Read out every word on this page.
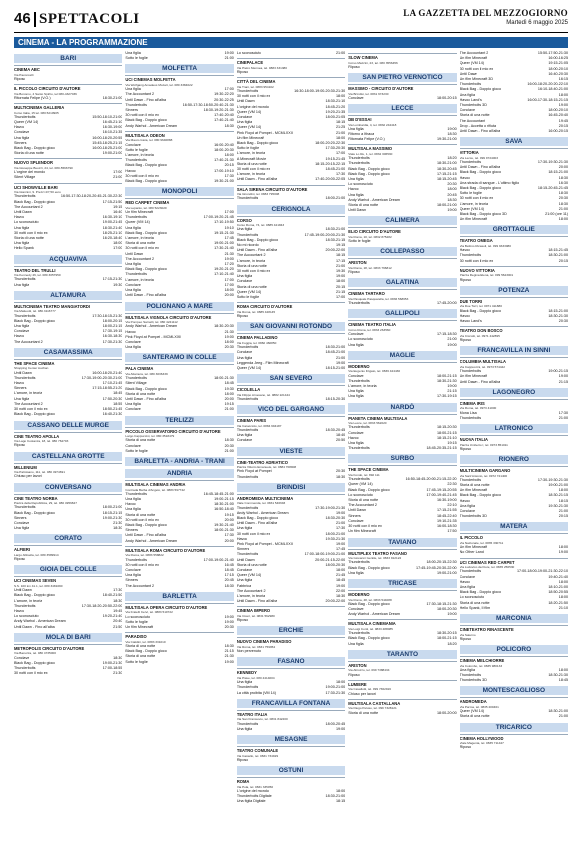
46 SPETTACOLI	LA GAZZETTA DEL MEZZOGIORNO
Martedì 6 maggio 2025
CINEMA - LA PROGRAMMAZIONE
BARI
CINEMA ABC
Via Pavoncelli
Riposo
IL PICCOLO CIRCUITO D'AUTORE
Via Bonomo, 4 Santo Spirito, tel 080-4327036
Ritornata Felipe (V.O.)	18:30-21:00
MULTICINEMA GALLERIA
Corso Italia, 15 tel. 080.5210905
Thunderbolts	15:50-18:10-21:00
Queer (VM 14)	16:45-21:10
Havoc	16:30-19:00
Conclave	16:10-21:35
Una figlia	16:00-18:20-20:55
Sinners	15:45-18:25-21:15
Black Bag - Doppio gioco	16:00-18:25-21:00
Storia di una notte	19:00-21:00
NUOVO SPLENDOR
Via Giuseppe Buozzi, 24, tel. 080-5566790
L'orgine del mondo	17:00
Silent Village	21:00
UCI SHOWVILLE BARI
Via Giannini, 9. Prezzi 4/7,50 euro
Thunderbolts	16:50-17:30-18:20-20:45-21:30-22:30
Black Bag - Doppio gioco	17:15-21:50
The Accountant 2	19:15
Until Dawn	16:40
Havoc	16:30-19:10
Lo sconosciuto	19:00-21:45
Una figlia	18:30-21:40
30 notti con il mio ex	18:25-21:10
Storia di una notte	16:20-18:40
Una figlia	18:00
Hello Spank	17:00
ACQUAVIVA
TEATRO DEL TRULLI
Via Kennedy 46, tel. 080 3057950
Thunderbolts	17:15-21:30
Una figlia	19:30
ALTAMURA
MULTICINEMA TEATRO MANGIATORDI
Via Matteotti, tel. 080.3116777
Thunderbolts	17:30-18:15-21:30
Black Bag - Doppio gioco	18:00-20:15
Una figlia	18:00-21:15
Conclave	17:30-19:15
Havoc	16:30-18:30
The Accountant 2	17:30-21:30
CASAMASSIMA
THE SPACE CINEMA
Shopping Center Auchan
Until Dawn	16:00-18:20-21:40
Thunderbolts	17:30-19:00-20:30-21:00
Havoc	17:10-21:45
Sinners	17:15-18:55-21:20
L'amore, in teoria	18:45
Una figlia	17:50-20:30
The Accountant 2	18:55
30 notti con il mio ex	18:50-21:45
Black Bag - Doppio gioco	16:40-21:30
CASSANO DELLE MURGE
CINE TEATRO APOLLA
Via Lago Costanza, 18, tel. 080 764703
Riposo
CASTELLANA GROTTE
MILLENIUM
Via Palmisano, 111, tel. 080 4974691
Chiuso per lavori
CONVERSANO
CINE TEATRO NORBA
Piazza della Repubblica, 29, tel. 080 4956847
Thunderbolts	18:00-21:00
Black Bag - Doppio gioco	18:15-21:15
Sinners	19:00-21:30
Conclave	21:30
Una figlia	18:30
CORATO
ALFIERI
Largo Abbazia, tel. 080 3589914
Riposo
GIOIA DEL COLLE
UCI CINEMAS SEVEN
S.S. 100 km 41.1, tel. 080 3481090
Until Dawn	17:30
Black Bag - Doppio gioco	18:40-21:50
L'amore, in teoria	18:30
Thunderbolts	17:30-18:20-20:50-22:00
Havoc	19:45
Lo sconosciuto	19:20-21:40
Andy Warhol - American Dream	20:40
Until Dawn - Fino all'alba	21:50
MOLA DI BARI
METROPOLIS CIRCUITO D'AUTORE
Via Bacuzza, tel. 080 4735000
Conclave	18:30
Black Bag - Doppio gioco	19:00-21:30
Thunderbolts	17:00-18:55
30 notti con il mio ex	21:30
Una figlia	19:00
Sotto le foglie	21:00
MOLFETTA
UCI CINEMAS MOLFETTA
Via Wolfgang Amadeus Mozart, tel. 080 3384022
Una figlia	17:00
The Accountant 2	19:30-22:20
Until Dawn - Fino all'alba	20:30-22:25
Thunderbolts	16:50-17:30-18:50-20:40-21:30
Sinners	18:30-19:20-21:30
30 notti con il mio ex	17:40-20:40
Black Bag - Doppio gioco	17:40-21:40
Andy Warhol - American Dream	18:30
MULTISALA ODEON
Via Mauro Gioia, tel. 080 9646888
Conclave	16:00-20:40
Sotto le foglie	18:00-20:30
L'amore, in teoria	18:00
Thunderbolts	17:40-21:30
Black Bag - Doppio gioco	20:15
Havoc	17:00-19:10
30 notti con il mio ex	17:30
Black Bag - Doppio gioco	19:30-21:00
MONOPOLI
RED CARPET CINEMA
Via Lepanto, tel. 080 5223020
Un film Minecraft	17:00
Thunderbolts	17:00-19:20-21:45
Queer (VM 14)	17:10-19:50
Una figlia	19:10
Black Bag - Doppio gioco	19:15-21:30
L'amore, in teoria	17:45
Storia di una notte	19:00-21:00
30 notti con il mio ex	17:30-21:40
Until Dawn	21:30
The Accountant 2	19:00
Una figlia	17:20
Black Bag - Doppio gioco	19:20-21:20
Thunderbolts	17:10-21:40
L'amore, in teoria	17:00
Conclave	17:00
Una figlia	18:00
Until Dawn - Fino all'alba	20:00
POLIGNANO A MARE
MULTISALA VIGNOLA CIRCUITO D'AUTORE
Via Pompeo Sarnelli, tel. 080 4241112
Andy Warhol - American Dream	18:30-20:30
Havoc	21:30
Pink Floyd at Pompei - MCMLXXII	19:00
Conclave	18:00
Una figlia	20:30
SANTERAMO IN COLLE
PALA CINEMA
Via Altamura, tel. 080 3036339
Thunderbolts	18:00-21:30
Silent Village	18:45
Black Bag - Doppio gioco	19:30
Storia di una notte	18:00
Until Dawn - Fino all'alba	20:00
Una figlia	19:15
Conclave	21:00
TERLIZZI
PICCOLO OSSERVATORIO CIRCUITO D'AUTORE
Largo Cappuccini, tel. 080 3518479
Storia di una notte	18:30
Conclave	20:30
Sotto le foglie	21:00
BARLETTA - ANDRIA - TRANI
ANDRIA
MULTISALA CINEMAS ANDRIA
Contrada Barba d'Angelo, tel. 0883 597742
Thunderbolts	16:45-18:45-21:00
Una figlia	19:00-21:15
Havoc	18:30-21:00
Una figlia	16:50-18:40
Storia di una notte	19:15
30 notti con il mio ex	20:00
Black Bag - Doppio gioco	19:30-21:40
Sinners	18:00-21:30
Until Dawn - Fino all'alba	17:30
Andy Warhol - American Dream	20:00
MULTISALA ROMA CIRCUITO D'AUTORE
Via Roma, tel. 0883 558822
Thunderbolts	17:00-19:00-21:40
30 notti con il mio ex	16:45
Conclave	18:45
Una figlia	17:15
Sinners	20:45
The Accountant 2	18:30
BARLETTA
MULTISALA OPERA CIRCUITO D'AUTORE
Via Fratelli Cervi, tel. 0883 510722
Lo sconosciuto	19:00
Sotto le foglie	19:00
Un film Minecraft	20:30
PARADISO
Via Cialdini, tel. 0883 331010
Storia di una notte	18:30
Black Bag - Doppio gioco	21:15
Storia di una notte	21:30
Sotto le foglie	19:00
Lo sconosciuto	21:00
CINEPALACE
Via Pietro Mennea, tel. 0883 331380
Riposo
CITTÀ DEL CINEMA
Via Trani, tel. 0883 954102
Thunderbolts	16:30-18:00-19:00-20:30-21:30
30 notti con il mio ex	18:00
Until Dawn	18:30-21:10
L'origine del mondo	18:45-21:20
Queer (VM 14)	19:20-21:35
Conclave	18:00-21:05
Una figlia	18:15
Queer (VM 14)	21:25
Pink Floyd at Pompei - MCMLXXII	21:00
Un film Minecraft	18:00
Black Bag - Doppio gioco	18:00-20:20-22:30
Sotto le foglie	17:30-20:30
L'amore, in teoria	17:00
A Minecraft Movie	19:15-21:45
Storia di una notte	18:15-20:15-22:15
30 notti con il mio ex	18:45-21:00
L'amore, in teoria	17:30
Until Dawn - Fino all'alba	17:40-20:00-22:05
SALA SIRENA CIRCUITO D'AUTORE
Via Girondini, tel. 0883 795008
Thunderbolts	18:00-21:00
CERIGNOLA
CORSO
Corso Roma, 74, tel. 0885 421843
Una figlia	18:30-21:00
Thunderbolts	17:45-19:00-20:00-21:30
Black Bag - Doppio gioco	18:30-21:15
No mi ricordo	19:15
Until Dawn - Fino all'alba	20:00-22:00
The Accountant 2	18:15
L'amore, in teoria	17:15
Storia di una notte	21:00
30 notti con il mio ex	19:30
Una figlia	19:00
Conclave	18:00
Storia di una notte	20:15
Queer (VM 14)	21:15
Sotto le foglie	17:00
ROMA CIRCUITO D'AUTORE
Via Roma, tel. 0885 428145
Riposo
SAN GIOVANNI ROTONDO
CINEMA PALLADINO
Via Foggia, tel. 0882 460850
Thunderbolts	18:30-21:00
Conclave	18:45-21:00
Una figlia	21:00
Leggenda Jeeg - Film Minecraft	19:00
Queer (VM 14)	18:15-21:00
SAN SEVERO
CICOLELLA
Via Filippo Arnesano, tel. 0882 221444
Thunderbolts	18:15-20:30
VICO DEL GARGANO
CINEMA PARIS
Via Caracciolo, tel. 0884 994187
Thunderbolts	18:30-20:45
Una figlia	18:40
Conclave	20:50
VIESTE
CINE-TEATRO ADRIATICO
Piazza Vittorio Emanuele, tel. 0884 708908
Pink Floyd at Pompei	20:30
Thunderbolts	18:30
BRINDISI
ANDROMEDA MULTICINEMA
Viale Commenda, tel. 0831 546693
Thunderbolts	17:30-19:00-21:30
Andy Warhol - American Dream	19:00
Black Bag - Doppio gioco	18:30-20:30
Until Dawn - Fino all'alba	21:00
Una figlia	17:30
30 notti con il mio ex	18:00-21:00
Havoc	19:30-21:30
Pink Floyd at Pompei - MCMLXXII	19:00
Sinners	17:45
Thunderbolts	17:00-18:00-19:00-21:00
Until Dawn	20:00-21:15-22:00
Storia di una notte	18:00-20:30
Conclave	18:00
Queer (VM 14)	21:45
Una figlia	18:45
Fabbrica	19:00
The Accountant 2	22:00
L'amore, in teoria	18:30
Until Dawn - Fino all'alba	20:00-22:00
CINEMA IMPERO
Via Ciceri, tel. 0831 562980
Riposo
ERCHIE
NUOVO CINEMA PARADISO
Via Roma, tel. 0831 759954
Non pervenuto
FASANO
KENNEDY
Via Piave, tel. 080 4414004
Una figlia	18:00
Thunderbolts	19:00-21:00
La città proibita (VM 14)	17:30-21:30
FRANCAVILLA FONTANA
TEATRO ITALIA
Via San Francesco, tel. 0831 842200
Thunderbolts	18:00-20:45
Una figlia	19:00
MESAGNE
TEATRO COMUNALE
Via Castello, tel. 0831 734929
Riposo
OSTUNI
ROMA
Via Pola, tel. 0831 335050
L'origine del mondo	18:00
Thunderbolts Digitale	18:30-21:00
Una figlia Digitale	18:15
SLOW CINEMA
Corso Mazzini, 23, tel. 080 3556456
Riposo
SAN PIETRO VERNOTICO
MASSIMO - CIRCUITO D'AUTORE
Via Brindisi, tel. 0831 673230
Conclave	18:00-20:15
LECCE
DB D'ESSAI
Via Lombardia, 4, tel. 0832 242418
Una figlia	19:00
Ritorno a Ithaca	18:30
Ritornata Felipe (V.O.)	19:30-21:00
MULTISALA MASSIMO
Viale Lo Re, 1, tel. 0832 306530
Thunderbolts	18:20
Thunderbolts	18:30-21:00
Black Bag - Doppio gioco	18:30-20:45
Black Bag - Doppio gioco	17:15-21:15
Una figlia	18:15-20:45
Lo sconosciuto	20:30
Havoc	18:00
Una figlia	20:45
Andy Warhol - American Dream	18:30
Storia di una notte	18:00-21:00
Until Dawn	19:00
CALIMERA
ELIO CIRCUITO D'AUTORE
Via Roma, 10, tel. 0832 875282
Sotto le foglie
COLLEPASSO
ARISTON
Via Roma, 18, tel. 0833 766812
Riposo
GALATINA
CINEMA TARTARO
Via Pasquale Pasquarella, tel. 0836 568653
Thunderbolts	17:45-20:00
GALLIPOLI
CINEMA TEATRO ITALIA
Corso Roma, tel. 0833 263560
Conclave	17:15-18:30
Lo sconosciuto	21:00
Una figlia	19:00
MAGLIE
MODERNO
Via Eugenio Frigato, tel. 0836 424430
Conclave	18:00-21:15
Thunderbolts	18:30-21:30
L'amore, in teoria	19:00
Una figlia	21:15
Una figlia	17:30-19:15
NARDÒ
PIANETA CINEMA MULTISALA
Via Lecce, tel. 0833 562020
Thunderbolts	18:15-20:30
Conclave	18:00-21:15
Havoc	18:15-21:10
Una figlia	19:15
Thunderbolts	18:45-20:35-21:15
SURBO
THE SPACE CINEMA
Via Fondo, tel. 892 111
Thunderbolts	16:50-18:45-20:00-21:15-22:20
Queer (VM 14)	22:30
Black Bag - Doppio gioco	17:45-19:15-20:55
Lo sconosciuto	17:00-19:40-21:45
Storia di una notte	16:30-19:00
The Accountant 2	22:10
Until Dawn	17:15-21:55
Sinners	18:45-22:40
Conclave	19:10-21:35
30 notti con il mio ex	16:00-18:30
Un film Minecraft	17:50
TAVIANO
MULTIPLEX TEATRO FASANO
Via Giovanni Gentile, tel. 0833 912124
Thunderbolts	18:00-20:15-22:30
Black Bag - Doppio gioco	17:45-19:45-20:30-22:00
Una figlia	19:00-21:00
TRICASE
MODERNO
Via Roma, 48, tel. 0833 544088
Black Bag - Doppio gioco	17:30-18:15-21:30
Conclave	18:00-20:30
Andy Warhol - American Dream	19:00
MULTISALA CINEMANIA
Via Luigi Conti, tel. 0833 488085
Thunderbolts	18:30-20:15
Black Bag - Doppio gioco	18:00-21:15
Una figlia	18:20
TARANTO
ARISTON
Via Abruzzo, tel. 099 7388434
Riposo
LUMIERE
Via Cavallotti, tel. 099 7362916
Chiuso per lavori
MULTISALA CASTALLANA
Via Diego Peluso, tel. 099 7328121
Storia di una notte	18:00-20:00
The Accountant 2	15:50-17:50-21:30
Un film Minecraft	16:00-16:25
Queer (VM 14)	19:15-21:05
30 notti con il mio ex	18:00-20:10
Until Dawn	16:40-20:30
Un film Minecraft 3D	16:15
Thunderbolts	16:00-18:20-20:20-22:10
Black Bag - Doppio gioco	16:10-18:40-21:00
Una figlia	18:00
Havoc Land's	16:00-17:30-18:15-21:15
Thunderbolts 3D	19:00
Conclave	18:00-20:10
Storia di una notte	16:45-20:40
The Accountant	19:45
Drop - Accetta o rifiuta	20:15
Until Dawn - Fino all'alba	16:00-20:15
SAVA
VITTORIA
Via Lecce, tel. 099 9724003
Thunderbolts	17:30-19:30-21:30
Until Dawn - Fino all'alba	20:00
Black Bag - Doppio gioco	18:15-21:00
Havoc	18:30
Una strada di sangue - L'ultimo figlio	16:30
Black Bag - Doppio gioco	18:15-20:45-21:45
Sotto le foglie	18:30
30 notti con il mio ex	20:30
L'amore, in teoria	18:30
Queer (VM 14)	21:00
Black Bag - Doppio gioco 3D	21:00 (ore 11)
Un film Minecraft	18:00
GROTTAGLIE
TEATRO OMEGA
Via Bettino Ricasoli, tel. 099 9333080
Havoc	18:15-21:45
Thunderbolts	18:30-21:00
30 notti con il mio ex	20:15
NUOVO VITTORIA
Piazza Regina Elena, tel. 099 5623001
Riposo
POTENZA
DUE TORRI
Via Due Torri, tel. 0971 411880
Black Bag - Doppio gioco	18:15-21:00
Havoc	18:30-21:30
Havoc Land's	20:30
TEATRO DON BOSCO
Via Ciccotti, tel. 0971 442895
Riposo
FRANCAVILLA IN SINNI
COLUMBIA MULTISALA
Via Cappuccini, tel. 0973 574442
Thunderbolts	19:00-21:15
Un film Minecraft	19:00
Until Dawn - Fino all'alba	21:15
LAGONEGRO
CINEMA IRIS
Via Roma, tel. 0973 41000
Mona Lisa	17:30
Thunderbolts	21:00
LATRONICO
NUOVA ITALIA
Piazza Umberto I, tel. 0973 851011
Riposo
RIONERO
MULTICINEMA GARGANO
Via Sant'Antonio, tel. 0972 721400
Thunderbolts	17:30-19:30-21:30
Storia di una notte	19:00-21:00
Un film Minecraft	18:00
Black Bag - Doppio gioco	18:30-21:15
Havoc	18:15
Una figlia	19:30-21:30
Conclave	21:00
Thunderbolts 3D	20:15
MATERA
IL PICCOLO
Via Nazionale, tel. 0835 330711
Un film Minecraft	18:00
No Other Land	19:00
UCI CINEMAS RED CARPET
Via Ludovico da Fiore, tel. 0835 256530
Thunderbolts	17:00-18:00-19:00-21:30-22:10
Conclave	19:40-21:40
Havoc	18:00
Una figlia	18:10-21:00
Black Bag - Doppio gioco	18:50-20:55
Lo sconosciuto	18:00
Storia di una notte	18:20-21:50
Hello Spank, Il film	21:10
MARCONIA
CINETEATRO RINASCENTE
Via Salerno
Riposo
POLICORO
CINEMA MELCHIORRE
Via Colombo, tel. 0835 980133
Una figlia	18:00
Thunderbolts	18:30-21:30
Thunderbolts 3D	18:45
MONTESCAGLIOSO
ANDROMEDA
Via Parma, tel. 0835 200461
Queer (VM 14)	18:30-21:00
Storia di una notte	21:00
TRICARICO
CINEMA HOLLYWOOD
Viale Magenta, tel. 0835 711427
Riposo
